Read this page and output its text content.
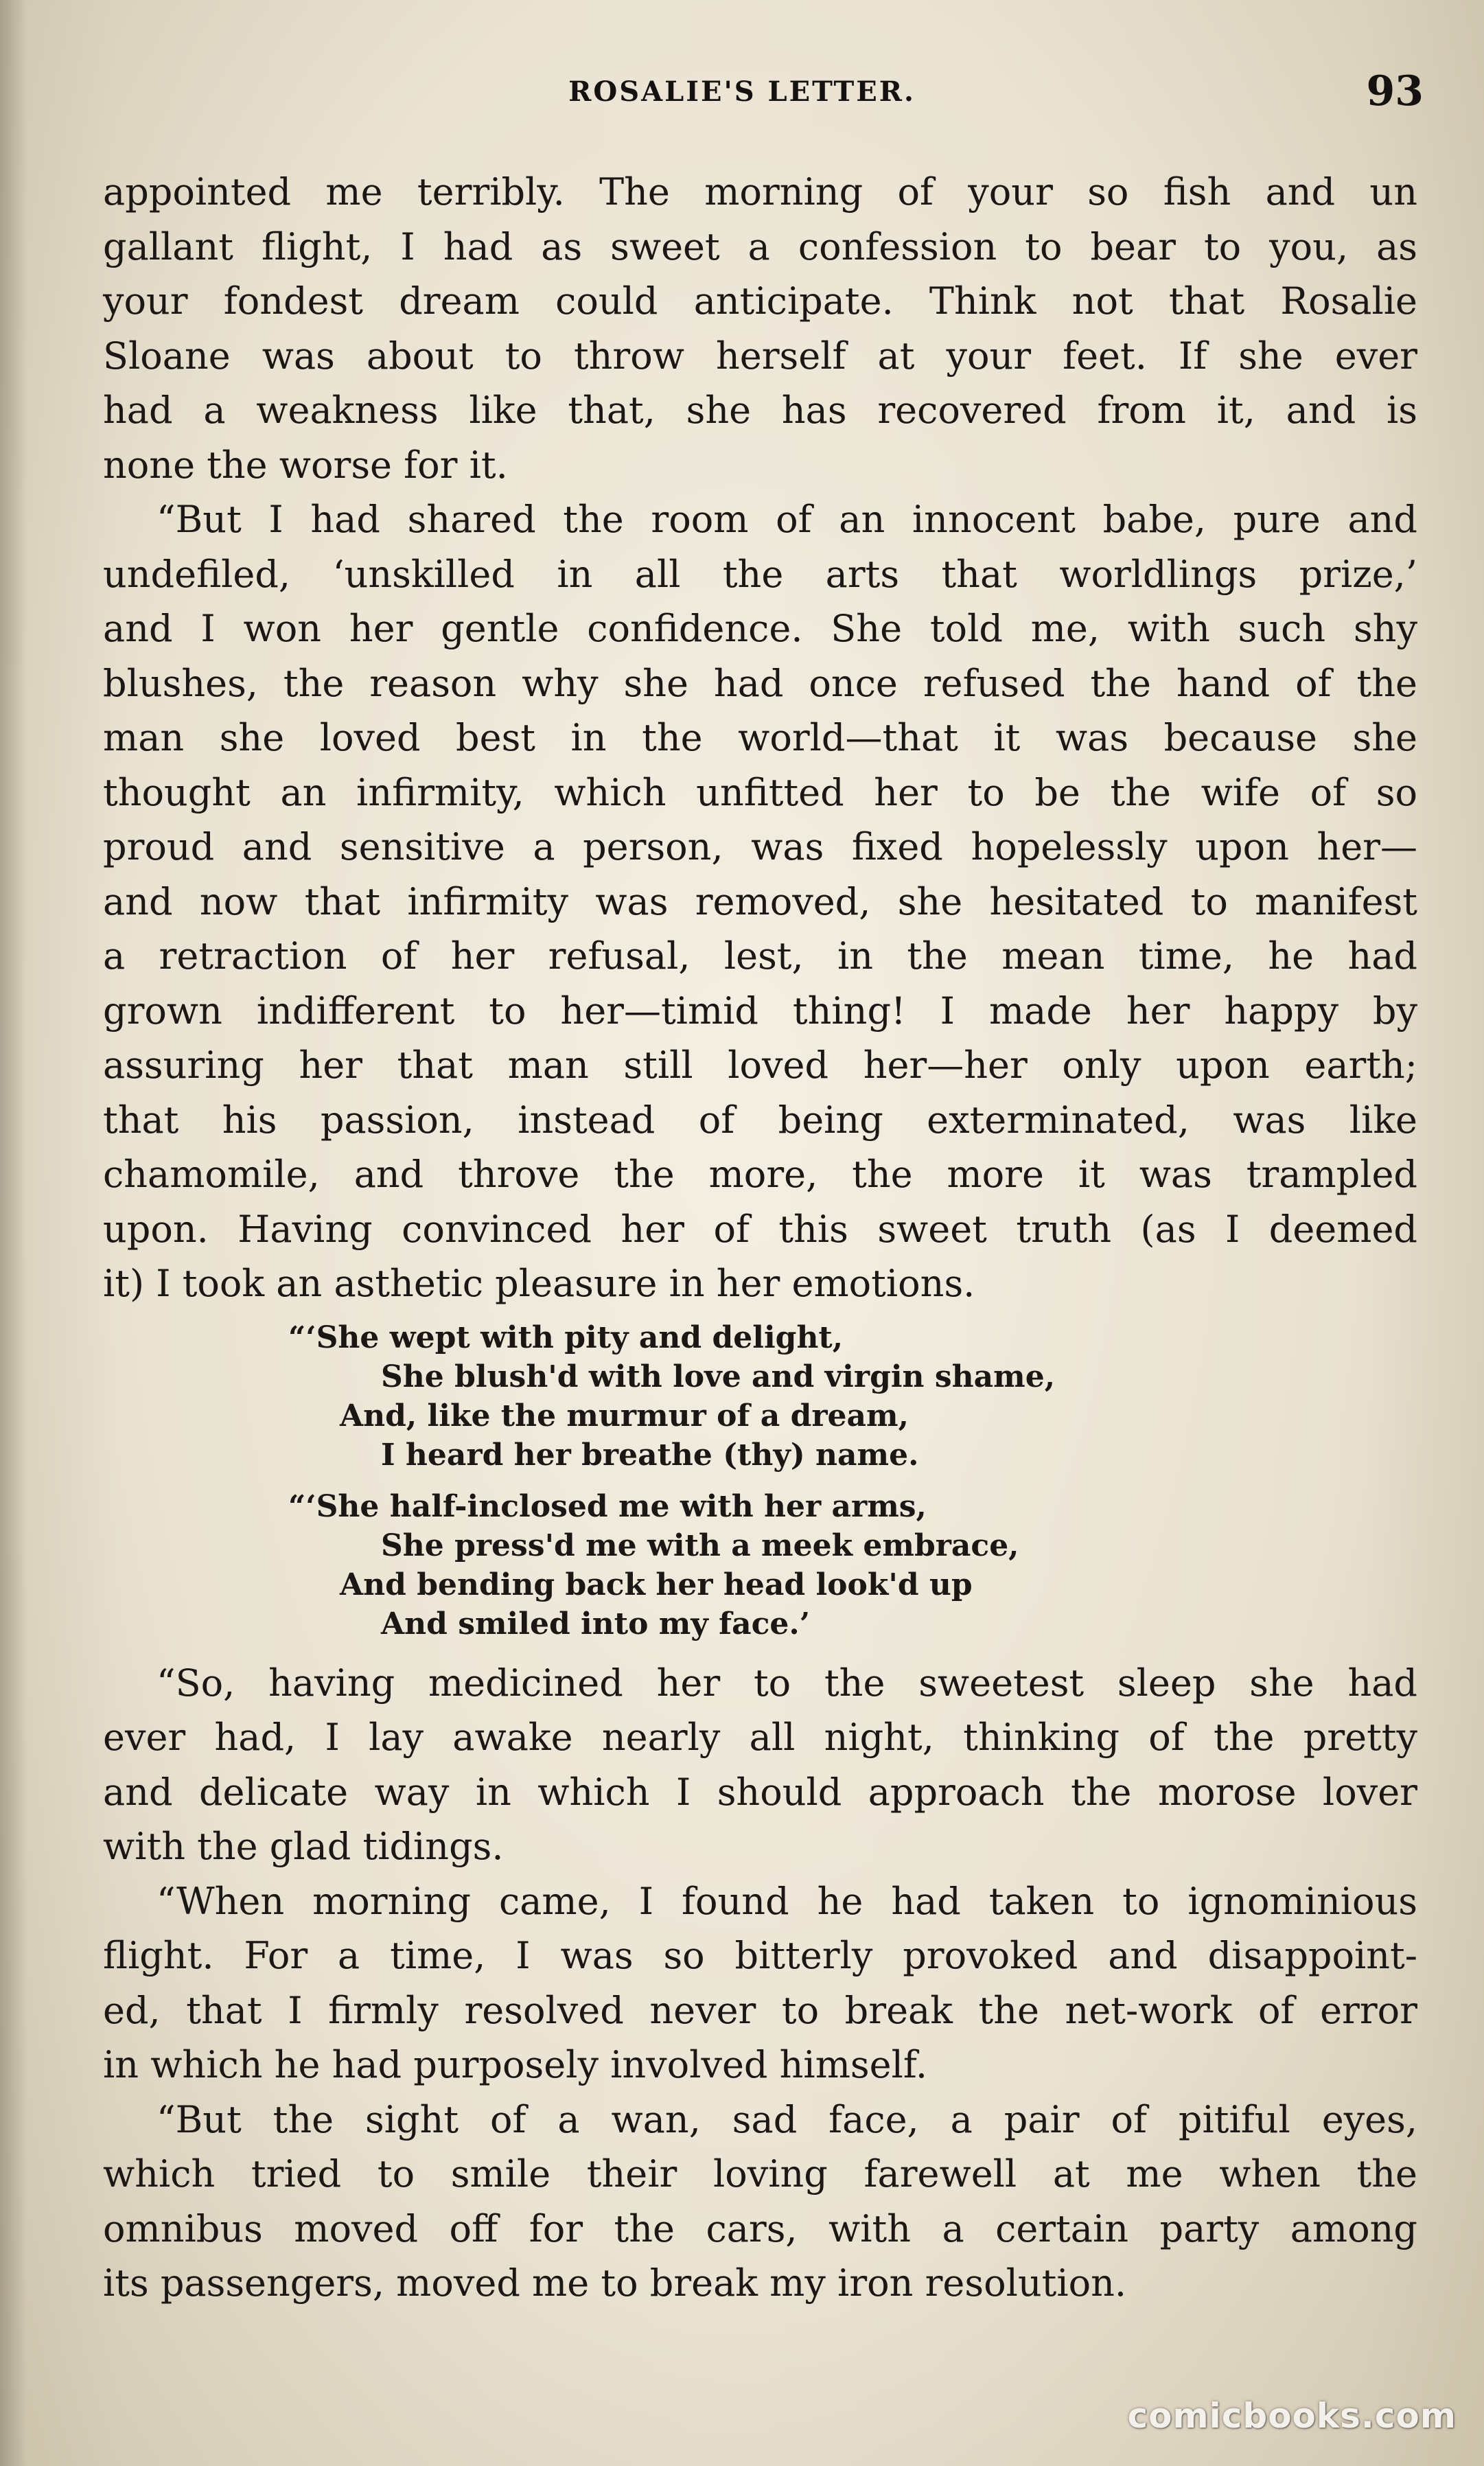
ROSALIE'S LETTER.	93

appointed me terribly. The morning of your so fish and un
gallant flight, I had as sweet a confession to bear to you, as
your fondest dream could anticipate. Think not that Rosalie
Sloane was about to throw herself at your feet. If she ever
had a weakness like that, she has recovered from it, and is
none the worse for it.

“But I had shared the room of an innocent babe, pure and
undefiled, ‘unskilled in all the arts that worldlings prize,’
and I won her gentle confidence. She told me, with such shy
blushes, the reason why she had once refused the hand of the
man she loved best in the world—that it was because she
thought an infirmity, which unfitted her to be the wife of so
proud and sensitive a person, was fixed hopelessly upon her—
and now that infirmity was removed, she hesitated to manifest
a retraction of her refusal, lest, in the mean time, he had
grown indifferent to her—timid thing! I made her happy by
assuring her that man still loved her—her only upon earth;
that his passion, instead of being exterminated, was like
chamomile, and throve the more, the more it was trampled
upon. Having convinced her of this sweet truth (as I deemed
it) I took an asthetic pleasure in her emotions.

“‘She wept with pity and delight,
She blush'd with love and virgin shame,
And, like the murmur of a dream,
I heard her breathe (thy) name.
“‘She half-inclosed me with her arms,
She press'd me with a meek embrace,
And bending back her head look'd up
And smiled into my face.’

“So, having medicined her to the sweetest sleep she had
ever had, I lay awake nearly all night, thinking of the pretty
and delicate way in which I should approach the morose lover
with the glad tidings.

“When morning came, I found he had taken to ignominious
flight. For a time, I was so bitterly provoked and disappoint-
ed, that I firmly resolved never to break the net-work of error
in which he had purposely involved himself.

“But the sight of a wan, sad face, a pair of pitiful eyes,
which tried to smile their loving farewell at me when the
omnibus moved off for the cars, with a certain party among
its passengers, moved me to break my iron resolution.

comicbooks.com
